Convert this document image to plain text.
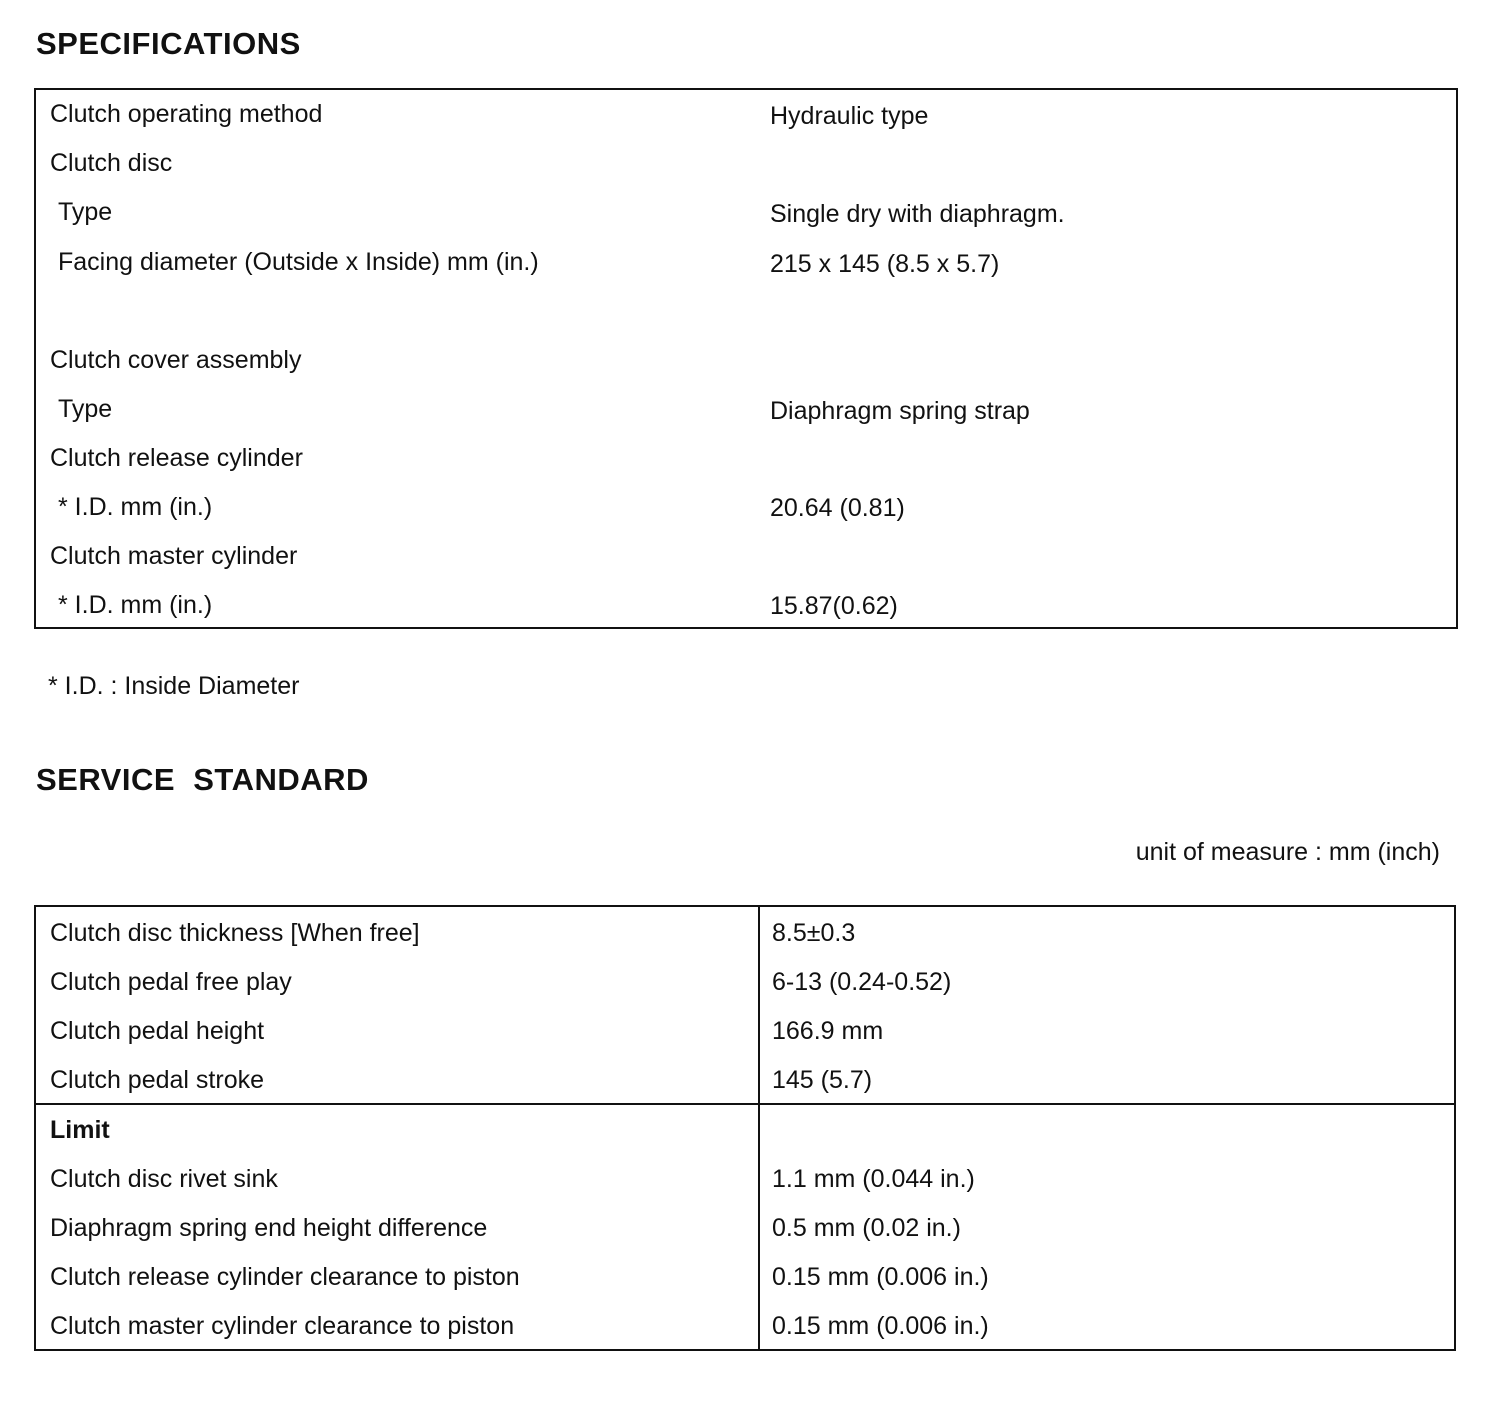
SPECIFICATIONS
Clutch operating method	Hydraulic type
Clutch disc
Type	Single dry with diaphragm.
Facing diameter (Outside x Inside) mm (in.)	215 x 145 (8.5 x 5.7)
Clutch cover assembly
Type	Diaphragm spring strap
Clutch release cylinder
* I.D. mm (in.)	20.64 (0.81)
Clutch master cylinder
* I.D. mm (in.)	15.87(0.62)
* I.D. : Inside Diameter
SERVICE  STANDARD
unit of measure : mm (inch)
Clutch disc thickness [When free]	8.5±0.3
Clutch pedal free play	6-13 (0.24-0.52)
Clutch pedal height	166.9 mm
Clutch pedal stroke	145 (5.7)
Limit
Clutch disc rivet sink	1.1 mm (0.044 in.)
Diaphragm spring end height difference	0.5 mm (0.02 in.)
Clutch release cylinder clearance to piston	0.15 mm (0.006 in.)
Clutch master cylinder clearance to piston	0.15 mm (0.006 in.)
